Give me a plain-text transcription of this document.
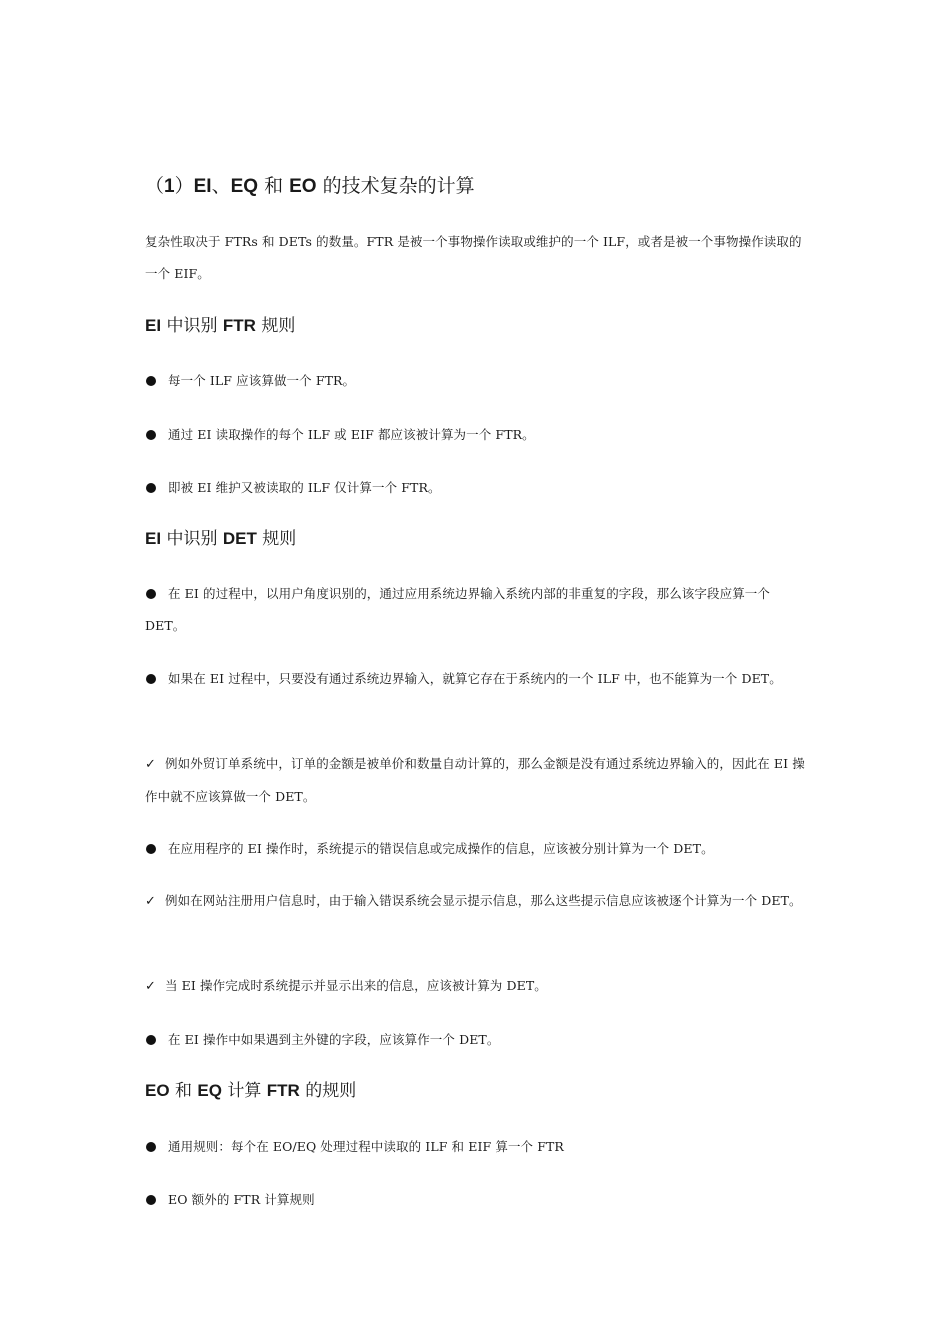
（1）EI、EQ 和 EO 的技术复杂的计算
复杂性取决于 FTRs 和 DETs 的数量。FTR 是被一个事物操作读取或维护的一个 ILF，或者是被一个事物操作读取的一个 EIF。
EI 中识别 FTR 规则
每一个 ILF 应该算做一个 FTR。
通过 EI 读取操作的每个 ILF 或 EIF 都应该被计算为一个 FTR。
即被 EI 维护又被读取的 ILF 仅计算一个 FTR。
EI 中识别 DET 规则
在 EI 的过程中，以用户角度识别的，通过应用系统边界输入系统内部的非重复的字段，那么该字段应算一个 DET。
如果在 EI 过程中，只要没有通过系统边界输入，就算它存在于系统内的一个 ILF 中，也不能算为一个 DET。
✓ 例如外贸订单系统中，订单的金额是被单价和数量自动计算的，那么金额是没有通过系统边界输入的，因此在 EI 操作中就不应该算做一个 DET。
在应用程序的 EI 操作时，系统提示的错误信息或完成操作的信息，应该被分别计算为一个 DET。
✓ 例如在网站注册用户信息时，由于输入错误系统会显示提示信息，那么这些提示信息应该被逐个计算为一个 DET。
✓ 当 EI 操作完成时系统提示并显示出来的信息，应该被计算为 DET。
在 EI 操作中如果遇到主外键的字段，应该算作一个 DET。
EO 和 EQ 计算 FTR 的规则
通用规则：每个在 EO/EQ 处理过程中读取的 ILF 和 EIF 算一个 FTR
EO 额外的 FTR 计算规则
